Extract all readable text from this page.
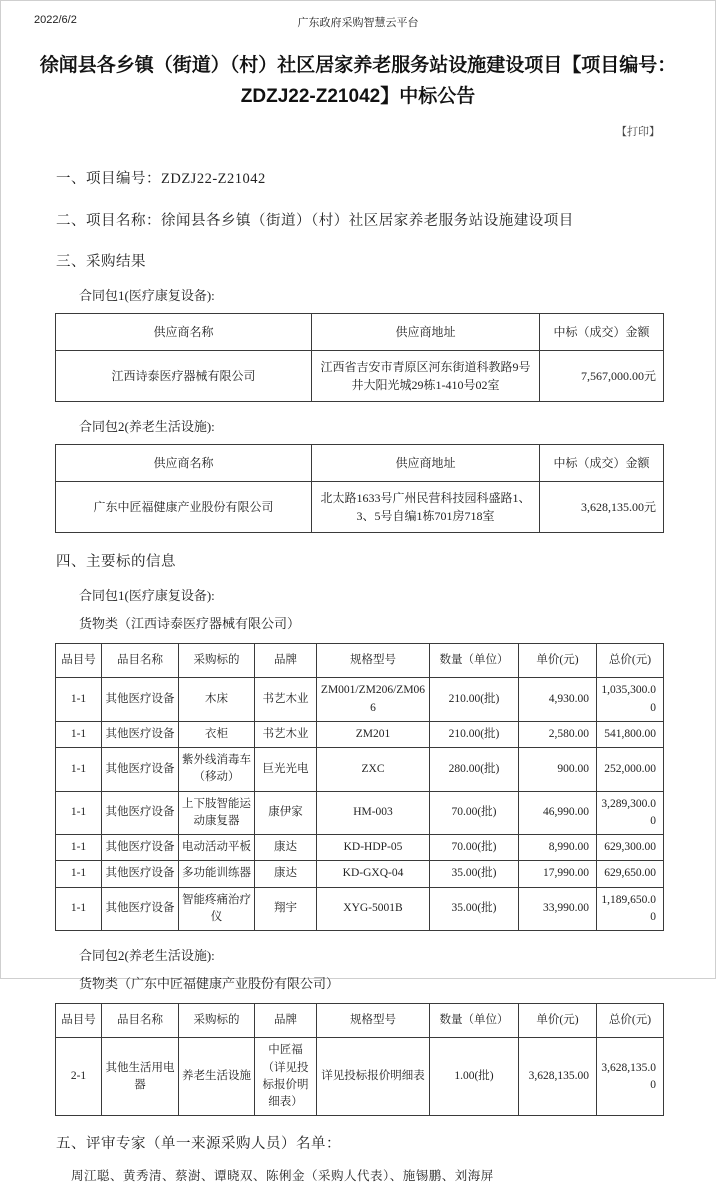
2022/6/2	广东政府采购智慧云平台
徐闻县各乡镇（街道）（村）社区居家养老服务站设施建设项目【项目编号：ZDZJ22-Z21042】中标公告
【打印】
一、项目编号：ZDZJ22-Z21042
二、项目名称：徐闻县各乡镇（街道）（村）社区居家养老服务站设施建设项目
三、采购结果
合同包1(医疗康复设备):
供应商名称	供应商地址	中标（成交）金额
江西诗泰医疗器械有限公司	江西省吉安市青原区河东街道科教路9号井大阳光城29栋1-410号02室	7,567,000.00元
合同包2(养老生活设施):
供应商名称	供应商地址	中标（成交）金额
广东中匠福健康产业股份有限公司	北太路1633号广州民营科技园科盛路1、3、5号自编1栋701房718室	3,628,135.00元
四、主要标的信息
合同包1(医疗康复设备):
货物类（江西诗泰医疗器械有限公司）
品目号	品目名称	采购标的	品牌	规格型号	数量（单位）	单价(元)	总价(元)
1-1	其他医疗设备	木床	书艺木业	ZM001/ZM206/ZM066	210.00(批)	4,930.00	1,035,300.00
1-1	其他医疗设备	衣柜	书艺木业	ZM201	210.00(批)	2,580.00	541,800.00
1-1	其他医疗设备	紫外线消毒车（移动）	巨光光电	ZXC	280.00(批)	900.00	252,000.00
1-1	其他医疗设备	上下肢智能运动康复器	康伊家	HM-003	70.00(批)	46,990.00	3,289,300.00
1-1	其他医疗设备	电动活动平板	康达	KD-HDP-05	70.00(批)	8,990.00	629,300.00
1-1	其他医疗设备	多功能训练器	康达	KD-GXQ-04	35.00(批)	17,990.00	629,650.00
1-1	其他医疗设备	智能疼痛治疗仪	翔宇	XYG-5001B	35.00(批)	33,990.00	1,189,650.00
合同包2(养老生活设施):
货物类（广东中匠福健康产业股份有限公司）
品目号	品目名称	采购标的	品牌	规格型号	数量（单位）	单价(元)	总价(元)
2-1	其他生活用电器	养老生活设施	中匠福（详见投标报价明细表）	详见投标报价明细表	1.00(批)	3,628,135.00	3,628,135.00
五、评审专家（单一来源采购人员）名单：
周江聪、黄秀清、蔡澍、谭晓双、陈俐金（采购人代表）、施锡鹏、刘海屏
